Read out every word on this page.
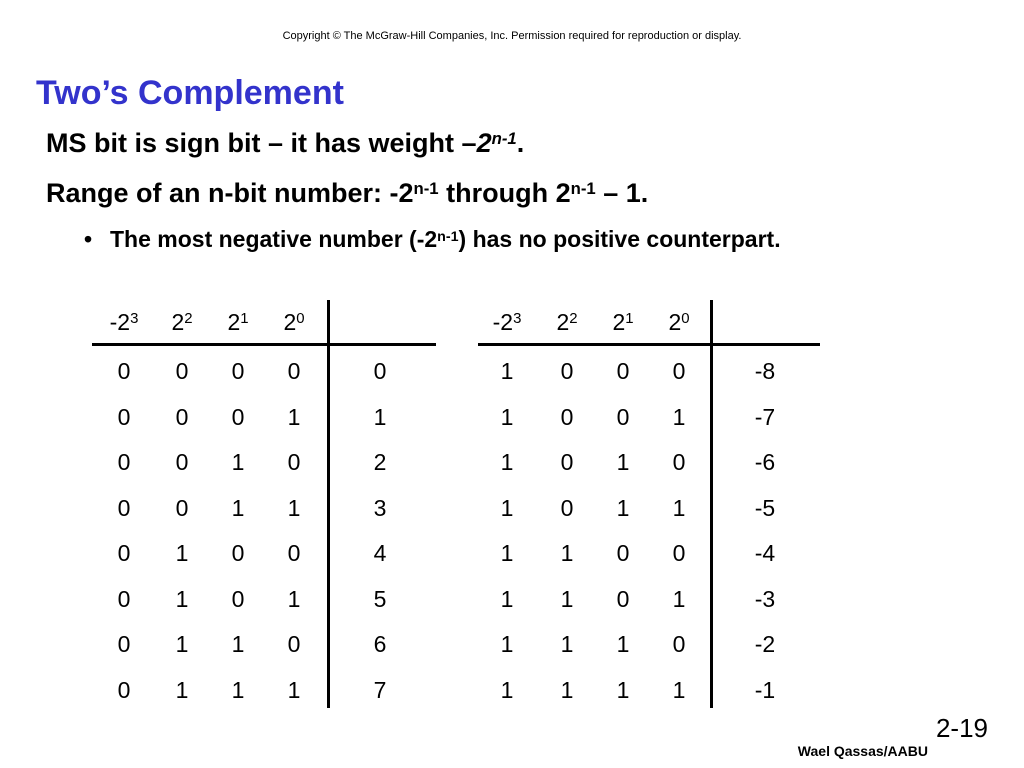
Copyright © The McGraw-Hill Companies, Inc. Permission required for reproduction or display.
Two’s Complement
MS bit is sign bit – it has weight –2$^{n-1}$.
Range of an n-bit number: -2$^{n-1}$ through 2$^{n-1}$ – 1.
• The most negative number (-2$^{n-1}$) has no positive counterpart.
$-2^3$	$2^2$	$2^1$	$2^0$
0	0	0	0	0
0	0	0	1	1
0	0	1	0	2
0	0	1	1	3
0	1	0	0	4
0	1	0	1	5
0	1	1	0	6
0	1	1	1	7
$-2^3$	$2^2$	$2^1$	$2^0$
1	0	0	0	-8
1	0	0	1	-7
1	0	1	0	-6
1	0	1	1	-5
1	1	0	0	-4
1	1	0	1	-3
1	1	1	0	-2
1	1	1	1	-1
2-19
Wael Qassas/AABU
